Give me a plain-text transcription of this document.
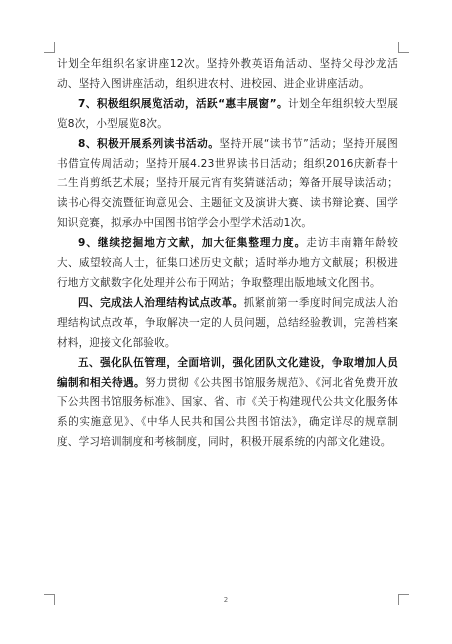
计划全年组织名家讲座12次。坚持外教英语角活动、坚持父母沙龙活动、坚持入图讲座活动，组织进农村、进校园、进企业讲座活动。

7、积极组织展览活动，活跃“惠丰展窗”。计划全年组织较大型展览8次，小型展览8次。

8、积极开展系列读书活动。坚持开展“读书节”活动；坚持开展图书借宣传周活动；坚持开展4.23世界读书日活动；组织2016庆新春十二生肖剪纸艺术展；坚持开展元宵有奖猜谜活动；筹备开展导读活动；读书心得交流暨征询意见会、主题征文及演讲大赛、读书辩论赛、国学知识竞赛，拟承办中国图书馆学会小型学术活动1次。

9、继续挖掘地方文献，加大征集整理力度。走访丰南籍年龄较大、威望较高人士，征集口述历史文献；适时举办地方文献展；积极进行地方文献数字化处理并公布于网站；争取整理出版地域文化图书。

四、完成法人治理结构试点改革。抓紧前第一季度时间完成法人治理结构试点改革，争取解决一定的人员问题，总结经验教训，完善档案材料，迎接文化部验收。

五、强化队伍管理，全面培训，强化团队文化建设，争取增加人员编制和相关待遇。努力贯彻《公共图书馆服务规范》、《河北省免费开放下公共图书馆服务标准》、国家、省、市《关于构建现代公共文化服务体系的实施意见》、《中华人民共和国公共图书馆法》，确定详尽的规章制度、学习培训制度和考核制度，同时，积极开展系统的内部文化建设。

2
